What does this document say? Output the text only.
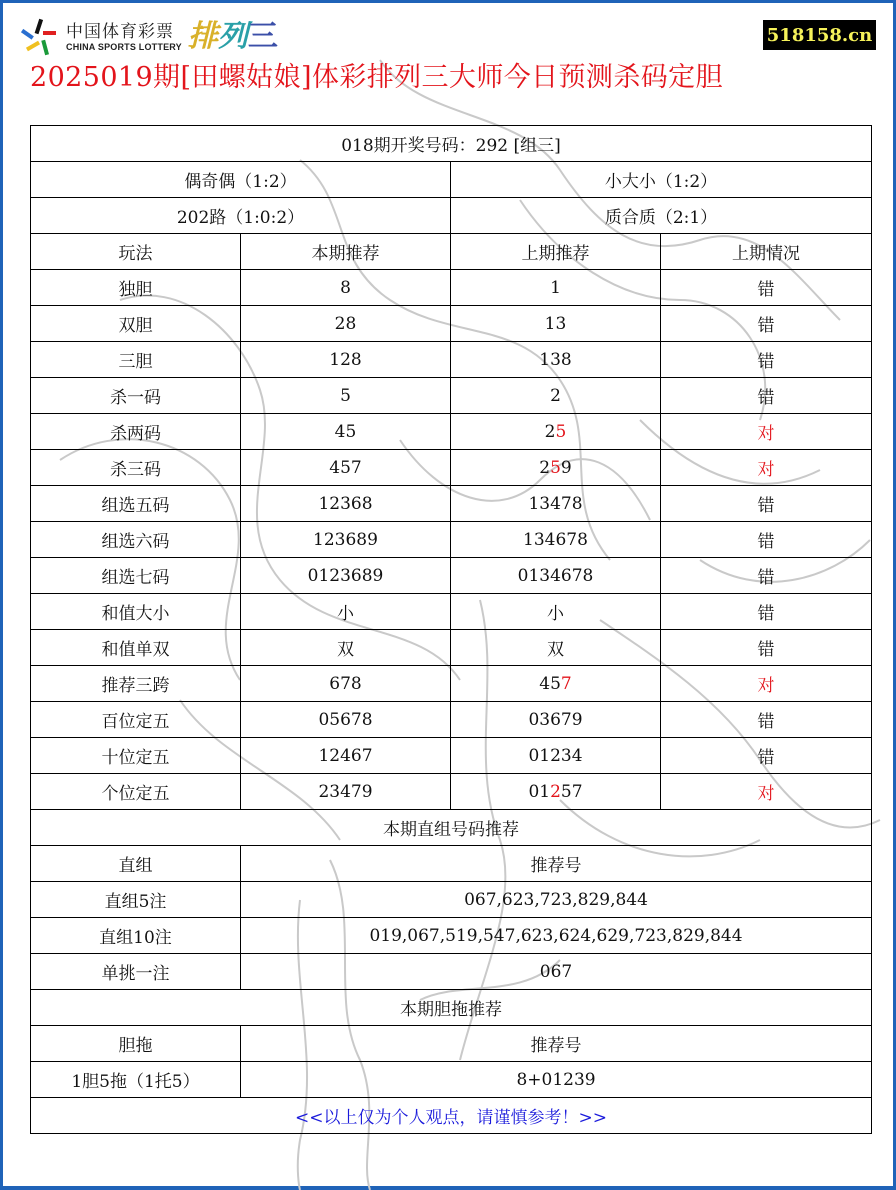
中国体育彩票
CHINA SPORTS LOTTERY 排 列 三	518158.cn
2025019期[田螺姑娘]体彩排列三大师今日预测杀码定胆
018期开奖号码：292 [组三]			
偶奇偶（1:2）		小大小（1:2）	
202路（1:0:2）		质合质（2:1）	
玩法	本期推荐	上期推荐	上期情况
独胆	8	1	错
双胆	28	13	错
三胆	128	138	错
杀一码	5	2	错
杀两码	45	25	对
杀三码	457	259	对
组选五码	12368	13478	错
组选六码	123689	134678	错
组选七码	0123689	0134678	错
和值大小	小	小	错
和值单双	双	双	错
推荐三跨	678	457	对
百位定五	05678	03679	错
十位定五	12467	01234	错
个位定五	23479	01257	对
本期直组号码推荐			
直组	推荐号		
直组5注	067,623,723,829,844		
直组10注	019,067,519,547,623,624,629,723,829,844		
单挑一注	067		
本期胆拖推荐			
胆拖	推荐号		
1胆5拖（1托5）	8+01239		
<<以上仅为个人观点，请谨慎参考！>>			
